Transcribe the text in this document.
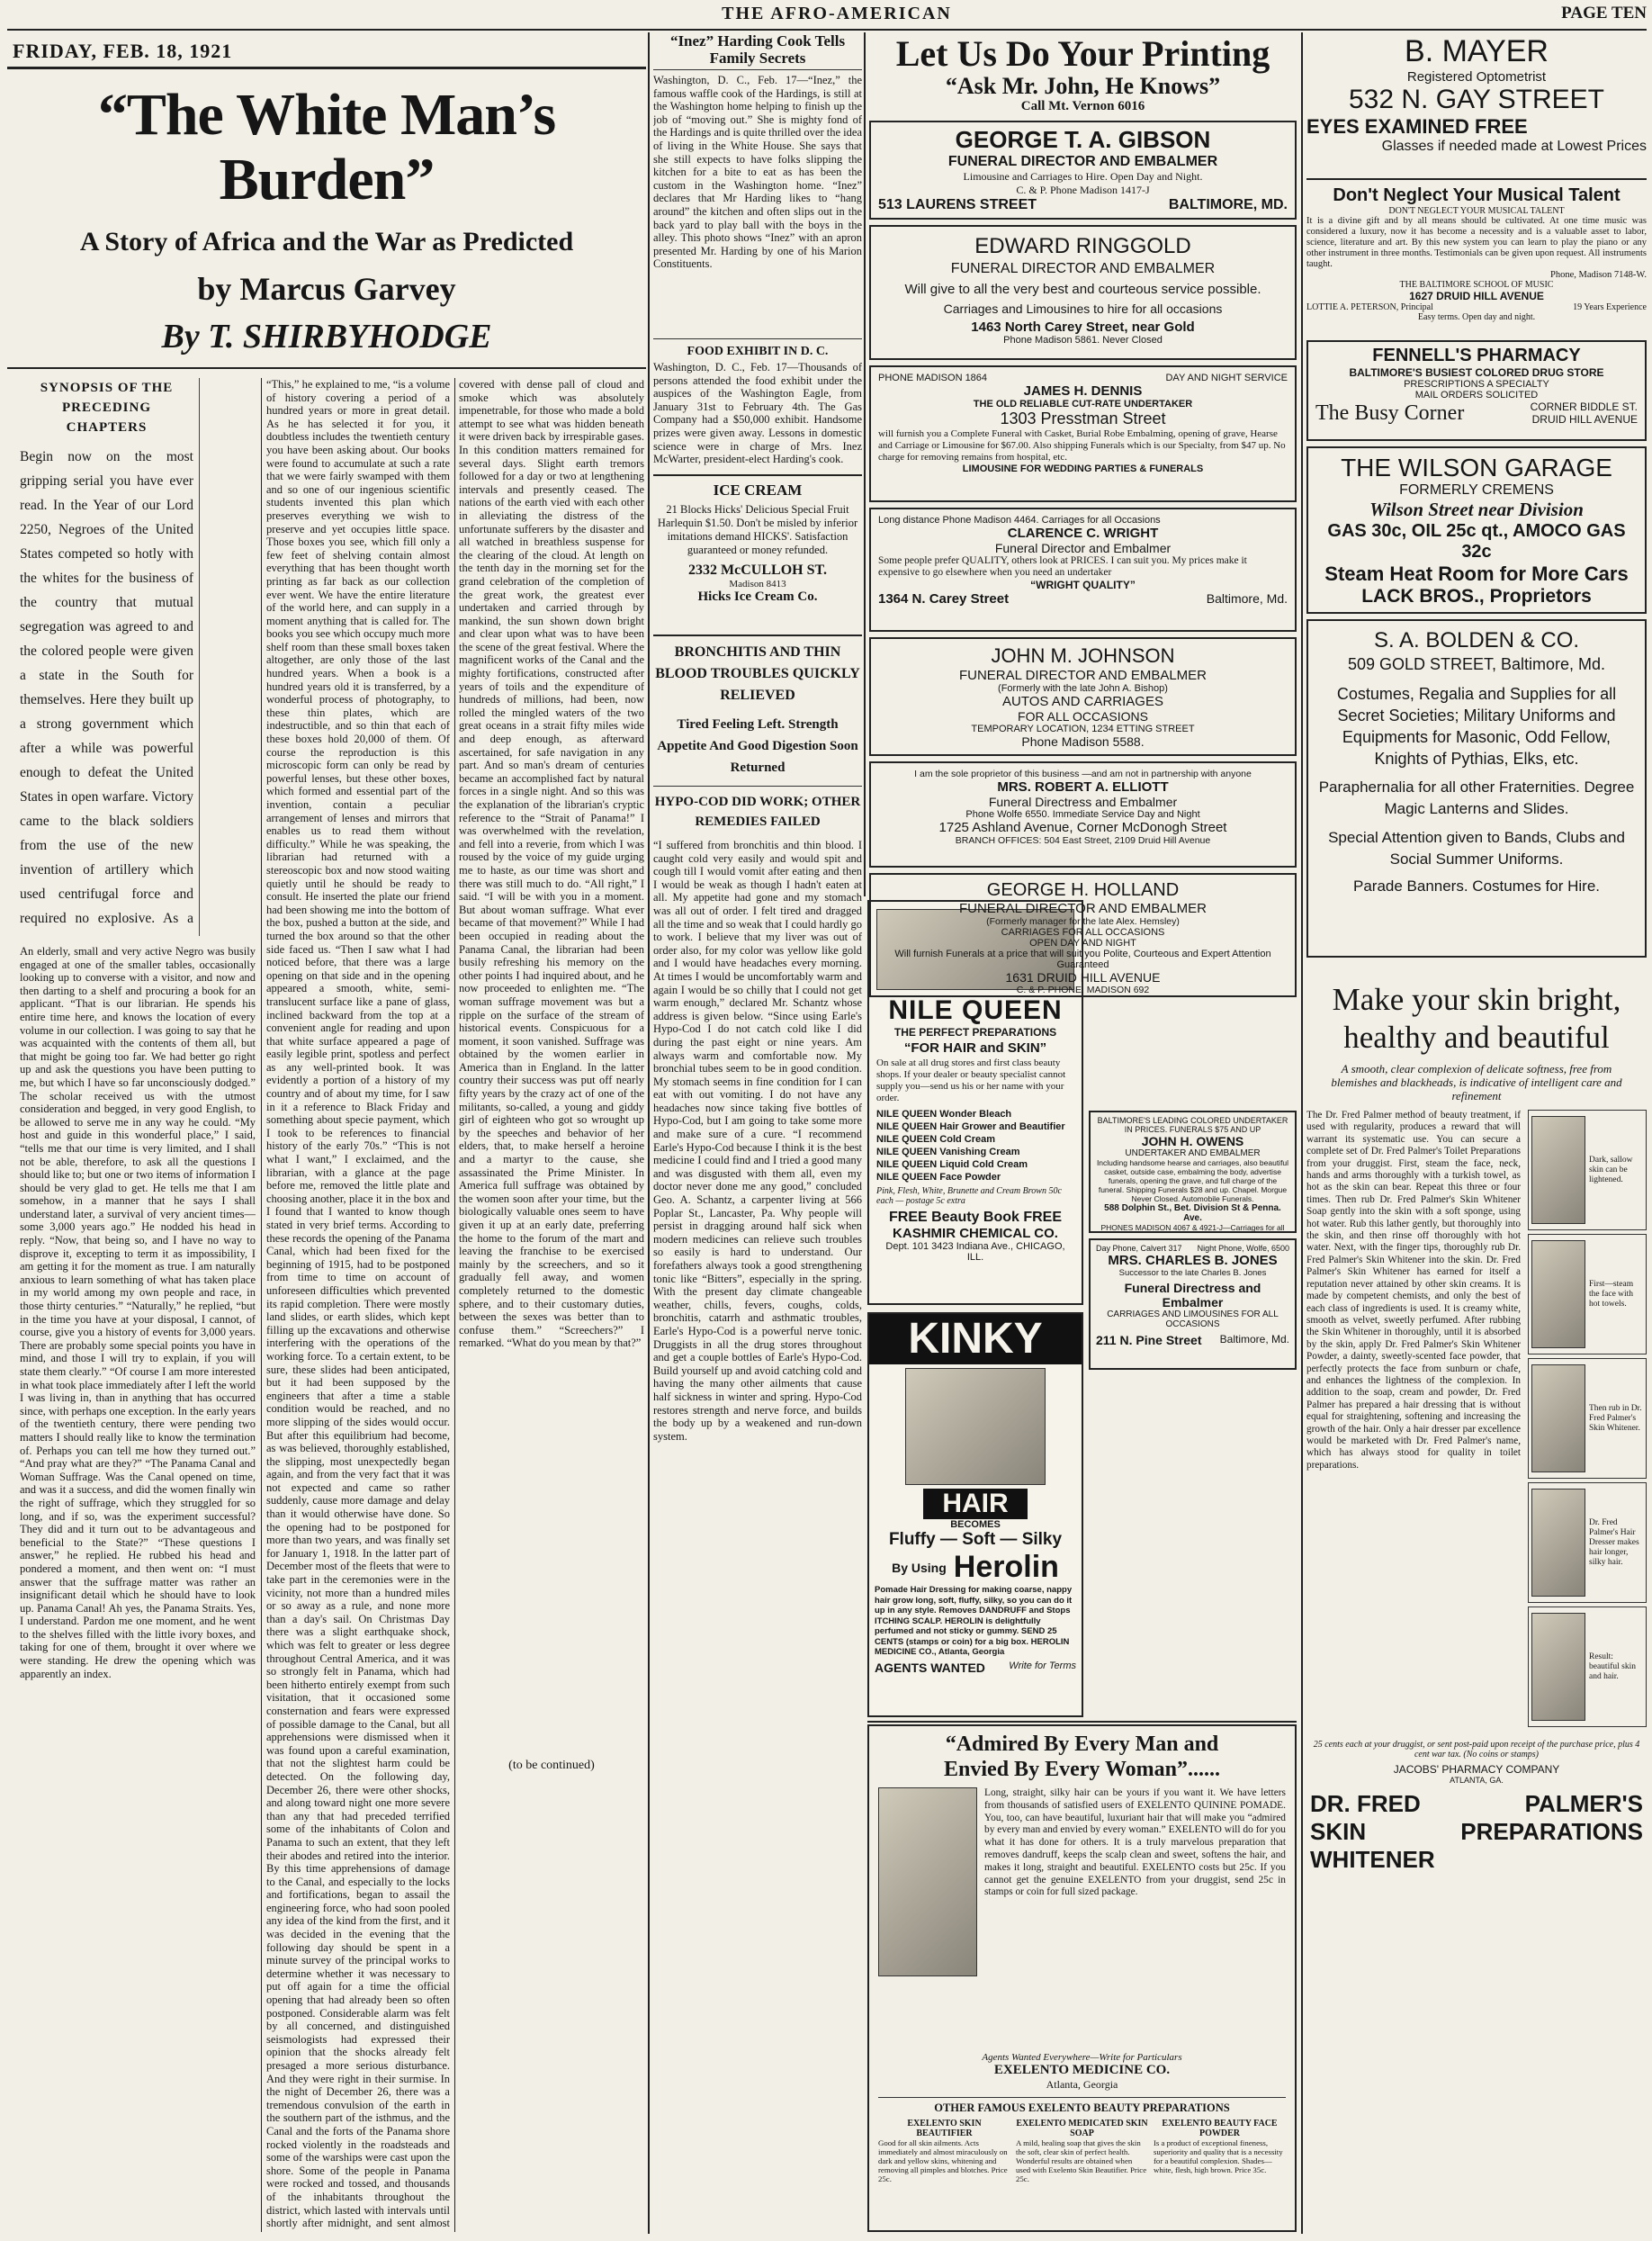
FRIDAY, FEB. 18, 1921
THE AFRO-AMERICAN	PAGE TEN
“The White Man’s Burden”
A Story of Africa and the War as Predicted
by Marcus Garvey
By T. SHIRBYHODGE
SYNOPSIS OF THE PRECEDING CHAPTERS
Begin now on the most gripping serial you have ever read. In the Year of our Lord 2250, Negroes of the United States competed so hotly with the whites for the business of the country that mutual segregation was agreed to and the colored people were given a state in the South for themselves. Here they built up a strong government which after a while was powerful enough to defeat the United States in open warfare. Victory came to the black soldiers from the use of the new invention of artillery which used centrifugal force and required no explosive. As a
An elderly, small and very active Negro was busily engaged at one of the smaller tables, occasionally looking up to converse with a visitor, and now and then darting to a shelf and procuring a book for an applicant. “That is our librarian. He spends his entire time here, and knows the location of every volume in our collection. I was going to say that he was acquainted with the contents of them all, but that might be going too far. We had better go right up and ask the questions you have been putting to me, but which I have so far unconsciously dodged.” The scholar received us with the utmost consideration and begged, in very good English, to be allowed to serve me in any way he could. “My host and guide in this wonderful place,” I said, “tells me that our time is very limited, and I shall not be able, therefore, to ask all the questions I should like to; but one or two items of information I should be very glad to get. He tells me that I am somehow, in a manner that he says I shall understand later, a survival of very ancient times—some 3,000 years ago.” He nodded his head in reply. “Now, that being so, and I have no way to disprove it, excepting to term it as impossibility, I am getting it for the moment as true. I am naturally anxious to learn something of what has taken place in my world among my own people and race, in those thirty centuries.” “Naturally,” he replied, “but in the time you have at your disposal, I cannot, of course, give you a history of events for 3,000 years. There are probably some special points you have in mind, and those I will try to explain, if you will state them clearly.” “Of course I am more interested in what took place immediately after I left the world I was living in, than in anything that has occurred since, with perhaps one exception. In the early years of the twentieth century, there were pending two matters I should really like to know the termination of. Perhaps you can tell me how they turned out.” “And pray what are they?” “The Panama Canal and Woman Suffrage. Was the Canal opened on time, and was it a success, and did the women finally win the right of suffrage, which they struggled for so long, and if so, was the experiment successful? They did and it turn out to be advantageous and beneficial to the State?” “These questions I answer,” he replied. He rubbed his head and pondered a moment, and then went on: “I must answer that the suffrage matter was rather an insignificant detail which he should have to look up. Panama Canal! Ah yes, the Panama Straits. Yes, I understand. Pardon me one moment, and he went to the shelves filled with the little ivory boxes, and taking for one of them, brought it over where we were standing. He drew the opening which was apparently an index.
“This,” he explained to me, “is a volume of history covering a period of a hundred years or more in great detail. As he has selected it for you, it doubtless includes the twentieth century you have been asking about. Our books were found to accumulate at such a rate that we were fairly swamped with them and so one of our ingenious scientific students invented this plan which preserves everything we wish to preserve and yet occupies little space. Those boxes you see, which fill only a few feet of shelving contain almost everything that has been thought worth printing as far back as our collection ever went. We have the entire literature of the world here, and can supply in a moment anything that is called for. The books you see which occupy much more shelf room than these small boxes taken altogether, are only those of the last hundred years. When a book is a hundred years old it is transferred, by a wonderful process of photography, to these thin plates, which are indestructible, and so thin that each of these boxes hold 20,000 of them. Of course the reproduction is this microscopic form can only be read by powerful lenses, but these other boxes, which formed and essential part of the invention, contain a peculiar arrangement of lenses and mirrors that enables us to read them without difficulty.” While he was speaking, the librarian had returned with a stereoscopic box and now stood waiting quietly until he should be ready to consult. He inserted the plate our friend had been showing me into the bottom of the box, pushed a button at the side, and turned the box around so that the other side faced us. “Then I saw what I had noticed before, that there was a large opening on that side and in the opening appeared a smooth, white, semi-translucent surface like a pane of glass, inclined backward from the top at a convenient angle for reading and upon that white surface appeared a page of easily legible print, spotless and perfect as any well-printed book. It was evidently a portion of a history of my country and of about my time, for I saw in it a reference to Black Friday and something about specie payment, which I took to be references to financial history of the early 70s.” “This is not what I want,” I exclaimed, and the librarian, with a glance at the page before me, removed the little plate and choosing another, place it in the box and I found that I wanted to know though stated in very brief terms. According to these records the opening of the Panama Canal, which had been fixed for the beginning of 1915, had to be postponed from time to time on account of unforeseen difficulties which prevented its rapid completion. There were mostly land slides, or earth slides, which kept filling up the excavations and otherwise interfering with the operations of the working force. To a certain extent, to be sure, these slides had been anticipated, but it had been supposed by the engineers that after a time a stable condition would be reached, and no more slipping of the sides would occur. But after this equilibrium had become, as was believed, thoroughly established, the slipping, most unexpectedly began again, and from the very fact that it was not expected and came so rather suddenly, cause more damage and delay than it would otherwise have done. So the opening had to be postponed for more than two years, and was finally set for January 1, 1918. In the latter part of December most of the fleets that were to take part in the ceremonies were in the vicinity, not more than a hundred miles or so away as a rule, and none more than a day's sail. On Christmas Day there was a slight earthquake shock, which was felt to greater or less degree throughout Central America, and it was so strongly felt in Panama, which had been hitherto entirely exempt from such visitation, that it occasioned some consternation and fears were expressed of possible damage to the Canal, but all apprehensions were dismissed when it was found upon a careful examination, that not the slightest harm could be detected. On the following day, December 26, there were other shocks, and along toward night one more severe than any that had preceded terrified some of the inhabitants of Colon and Panama to such an extent, that they left their abodes and retired into the interior. By this time apprehensions of damage to the Canal, and especially to the locks and fortifications, began to assail the engineering force, who had soon pooled any idea of the kind from the first, and it was decided in the evening that the following day should be spent in a minute survey of the principal works to determine whether it was necessary to put off again for a time the official opening that had already been so often postponed. Considerable alarm was felt by all concerned, and distinguished seismologists had expressed their opinion that the shocks already felt presaged a more serious disturbance. And they were right in their surmise. In the night of December 26, there was a tremendous convulsion of the earth in the southern part of the isthmus, and the Canal and the forts of the Panama shore rocked violently in the roadsteads and some of the warships were cast upon the shore. Some of the people in Panama were rocked and tossed, and thousands of the inhabitants throughout the district, which lasted with intervals until shortly after midnight, and sent almost
covered with dense pall of cloud and smoke which was absolutely impenetrable, for those who made a bold attempt to see what was hidden beneath it were driven back by irrespirable gases. In this condition matters remained for several days. Slight earth tremors followed for a day or two at lengthening intervals and presently ceased. The nations of the earth vied with each other in alleviating the distress of the unfortunate sufferers by the disaster and all watched in breathless suspense for the clearing of the cloud. At length on the tenth day in the morning set for the grand celebration of the completion of the great work, the greatest ever undertaken and carried through by mankind, the sun shown down bright and clear upon what was to have been the scene of the great festival. Where the magnificent works of the Canal and the mighty fortifications, constructed after years of toils and the expenditure of hundreds of millions, had been, now rolled the mingled waters of the two great oceans in a strait fifty miles wide and deep enough, as afterward ascertained, for safe navigation in any part. And so man's dream of centuries became an accomplished fact by natural forces in a single night. And so this was the explanation of the librarian's cryptic reference to the “Strait of Panama!” I was overwhelmed with the revelation, and fell into a reverie, from which I was roused by the voice of my guide urging me to haste, as our time was short and there was still much to do. “All right,” I said. “I will be with you in a moment. But about woman suffrage. What ever became of that movement?” While I had been occupied in reading about the Panama Canal, the librarian had been busily refreshing his memory on the other points I had inquired about, and he now proceeded to enlighten me. “The woman suffrage movement was but a ripple on the surface of the stream of historical events. Conspicuous for a moment, it soon vanished. Suffrage was obtained by the women earlier in America than in England. In the latter country their success was put off nearly fifty years by the crazy act of one of the militants, so-called, a young and giddy girl of eighteen who got so wrought up by the speeches and behavior of her elders, that, to make herself a heroine and a martyr to the cause, she assassinated the Prime Minister. In America full suffrage was obtained by the women soon after your time, but the biologically valuable ones seem to have given it up at an early date, preferring the home to the forum of the mart and leaving the franchise to be exercised mainly by the screechers, and so it gradually fell away, and women completely returned to the domestic sphere, and to their customary duties, between the sexes was better than to confuse them.” “Screechers?” I remarked. “What do you mean by that?”
(to be continued)
“Inez” Harding Cook Tells Family Secrets
Washington, D. C., Feb. 17—“Inez,” the famous waffle cook of the Hardings, is still at the Washington home helping to finish up the job of “moving out.” She is mighty fond of the Hardings and is quite thrilled over the idea of living in the White House. She says that she still expects to have folks slipping the kitchen for a bite to eat as has been the custom in the Washington home. “Inez” declares that Mr Harding likes to “hang around” the kitchen and often slips out in the back yard to play ball with the boys in the alley. This photo shows “Inez” with an apron presented Mr. Harding by one of his Marion Constituents.
FOOD EXHIBIT IN D. C.
Washington, D. C., Feb. 17—Thousands of persons attended the food exhibit under the auspices of the Washington Eagle, from January 31st to February 4th. The Gas Company had a $50,000 exhibit. Handsome prizes were given away. Lessons in domestic science were in charge of Mrs. Inez McWarter, president-elect Harding's cook.
ICE CREAM
21 Blocks Hicks' Delicious Special Fruit Harlequin $1.50. Don't be misled by inferior imitations demand HICKS'. Satisfaction guaranteed or money refunded.
2332 McCULLOH ST.
Madison 8413
Hicks Ice Cream Co.
BRONCHITIS AND THIN BLOOD TROUBLES QUICKLY RELIEVED
Tired Feeling Left. Strength Appetite And Good Digestion Soon Returned
HYPO-COD DID WORK; OTHER REMEDIES FAILED
“I suffered from bronchitis and thin blood. I caught cold very easily and would spit and cough till I would vomit after eating and then I would be weak as though I hadn't eaten at all. My appetite had gone and my stomach was all out of order. I felt tired and dragged all the time and so weak that I could hardly go to work. I believe that my liver was out of order also, for my color was yellow like gold and I would have headaches every morning. At times I would be uncomfortably warm and again I would be so chilly that I could not get warm enough,” declared Mr. Schantz whose address is given below. “Since using Earle's Hypo-Cod I do not catch cold like I did during the past eight or nine years. Am always warm and comfortable now. My bronchial tubes seem to be in good condition. My stomach seems in fine condition for I can eat with out vomiting. I do not have any headaches now since taking five bottles of Hypo-Cod, but I am going to take some more and make sure of a cure. “I recommend Earle's Hypo-Cod because I think it is the best medicine I could find and I tried a good many and was disgusted with them all, even my doctor never done me any good,” concluded Geo. A. Schantz, a carpenter living at 566 Poplar St., Lancaster, Pa. Why people will persist in dragging around half sick when modern medicines can relieve such troubles so easily is hard to understand. Our forefathers always took a good strengthening tonic like “Bitters”, especially in the spring. With the present day climate changeable weather, chills, fevers, coughs, colds, bronchitis, catarrh and asthmatic troubles, Earle's Hypo-Cod is a powerful nerve tonic. Druggists in all the drug stores throughout and get a couple bottles of Earle's Hypo-Cod. Build yourself up and avoid catching cold and having the many other ailments that cause half sickness in winter and spring. Hypo-Cod restores strength and nerve force, and builds the body up by a weakened and run-down system.
NILE QUEEN
THE PERFECT PREPARATIONS
“FOR HAIR and SKIN”
On sale at all drug stores and first class beauty shops. If your dealer or beauty specialist cannot supply you—send us his or her name with your order.
NILE QUEEN Wonder Bleach
NILE QUEEN Hair Grower and Beautifier
NILE QUEEN Cold Cream
NILE QUEEN Vanishing Cream
NILE QUEEN Liquid Cold Cream
NILE QUEEN Face Powder
Pink, Flesh, White, Brunette and Cream Brown 50c each — postage 5c extra
FREE Beauty Book FREE
KASHMIR CHEMICAL CO.
Dept. 101 3423 Indiana Ave., CHICAGO, ILL.
KINKY
HAIR
BECOMES
Fluffy — Soft — Silky
By Using Herolin
Pomade Hair Dressing for making coarse, nappy hair grow long, soft, fluffy, silky, so you can do it up in any style. Removes DANDRUFF and Stops ITCHING SCALP. HEROLIN is delightfully perfumed and not sticky or gummy. SEND 25 CENTS (stamps or coin) for a big box. HEROLIN MEDICINE CO., Atlanta, Georgia
AGENTS WANTED Write for Terms
Let Us Do Your Printing
“Ask Mr. John, He Knows”
Call Mt. Vernon 6016
GEORGE T. A. GIBSON
FUNERAL DIRECTOR AND EMBALMER
Limousine and Carriages to Hire. Open Day and Night.
C. & P. Phone Madison 1417-J
513 LAURENS STREET	BALTIMORE, MD.
EDWARD RINGGOLD
FUNERAL DIRECTOR AND EMBALMER
Will give to all the very best and courteous service possible.
Carriages and Limousines to hire for all occasions
1463 North Carey Street, near Gold
Phone Madison 5861. Never Closed
PHONE MADISON 1864	DAY AND NIGHT SERVICE
JAMES H. DENNIS
THE OLD RELIABLE CUT-RATE UNDERTAKER
1303 Presstman Street
will furnish you a Complete Funeral with Casket, Burial Robe Embalming, opening of grave, Hearse and Carriage or Limousine for $67.00. Also shipping Funerals which is our Specialty, from $47 up. No charge for removing remains from hospital, etc.
LIMOUSINE FOR WEDDING PARTIES & FUNERALS
Long distance Phone Madison 4464. Carriages for all Occasions
CLARENCE C. WRIGHT
Funeral Director and Embalmer
Some people prefer QUALITY, others look at PRICES. I can suit you. My prices make it expensive to go elsewhere when you need an undertaker
“WRIGHT QUALITY”
1364 N. Carey Street	Baltimore, Md.
JOHN M. JOHNSON
FUNERAL DIRECTOR AND EMBALMER
(Formerly with the late John A. Bishop)
AUTOS AND CARRIAGES
FOR ALL OCCASIONS
TEMPORARY LOCATION, 1234 ETTING STREET
Phone Madison 5588.
I am the sole proprietor of this business —and am not in partnership with anyone
MRS. ROBERT A. ELLIOTT
Funeral Directress and Embalmer
Phone Wolfe 6550. Immediate Service Day and Night
1725 Ashland Avenue, Corner McDonogh Street
BRANCH OFFICES: 504 East Street, 2109 Druid Hill Avenue
GEORGE H. HOLLAND
FUNERAL DIRECTOR AND EMBALMER
(Formerly manager for the late Alex. Hemsley)
CARRIAGES FOR ALL OCCASIONS
OPEN DAY AND NIGHT
Will furnish Funerals at a price that will suit you Polite, Courteous and Expert Attention Guaranteed
1631 DRUID HILL AVENUE
C. & P. PHONE, MADISON 692
BALTIMORE'S LEADING COLORED UNDERTAKER IN PRICES. FUNERALS $75 AND UP
JOHN H. OWENS
UNDERTAKER AND EMBALMER
Including handsome hearse and carriages, also beautiful casket, outside case, embalming the body, advertise funerals, opening the grave, and full charge of the funeral. Shipping Funerals $28 and up. Chapel. Morgue Never Closed. Automobile Funerals.
588 Dolphin St., Bet. Division St & Penna. Ave.
PHONES MADISON 4067 & 4921-J—Carriages for all
Day Phone, Calvert 317 Night Phone, Wolfe, 6500
MRS. CHARLES B. JONES
Successor to the late Charles B. Jones
Funeral Directress and Embalmer
CARRIAGES AND LIMOUSINES FOR ALL OCCASIONS
211 N. Pine Street Baltimore, Md.
B. MAYER
Registered Optometrist
532 N. GAY STREET
EYES EXAMINED FREE
Glasses if needed made at Lowest Prices
Don't Neglect Your Musical Talent
DON'T NEGLECT YOUR MUSICAL TALENT
It is a divine gift and by all means should be cultivated. At one time music was considered a luxury, now it has become a necessity and is a valuable asset to labor, science, literature and art. By this new system you can learn to play the piano or any other instrument in three months. Testimonials can be given upon request. All instruments taught.
Phone, Madison 7148-W.
THE BALTIMORE SCHOOL OF MUSIC
1627 DRUID HILL AVENUE
LOTTIE A. PETERSON, Principal	19 Years Experience
Easy terms. Open day and night.
FENNELL'S PHARMACY
BALTIMORE'S BUSIEST COLORED DRUG STORE
PRESCRIPTIONS A SPECIALTY
MAIL ORDERS SOLICITED
The Busy Corner	CORNER BIDDLE ST. DRUID HILL AVENUE
THE WILSON GARAGE
FORMERLY CREMENS
Wilson Street near Division
GAS 30c, OIL 25c qt., AMOCO GAS 32c
Steam Heat Room for More Cars
LACK BROS., Proprietors
S. A. BOLDEN & CO.
509 GOLD STREET, Baltimore, Md.
Costumes, Regalia and Supplies for all Secret Societies; Military Uniforms and Equipments for Masonic, Odd Fellow, Knights of Pythias, Elks, etc.
Paraphernalia for all other Fraternities. Degree Magic Lanterns and Slides.
Special Attention given to Bands, Clubs and Social Summer Uniforms.
Parade Banners. Costumes for Hire.
Make your skin bright, healthy and beautiful
A smooth, clear complexion of delicate softness, free from blemishes and blackheads, is indicative of intelligent care and refinement
The Dr. Fred Palmer method of beauty treatment, if used with regularity, produces a reward that will warrant its systematic use. You can secure a complete set of Dr. Fred Palmer's Toilet Preparations from your druggist. First, steam the face, neck, hands and arms thoroughly with a turkish towel, as hot as the skin can bear. Repeat this three or four times. Then rub Dr. Fred Palmer's Skin Whitener Soap gently into the skin with a soft sponge, using hot water. Rub this lather gently, but thoroughly into the skin, and then rinse off thoroughly with hot water. Next, with the finger tips, thoroughly rub Dr. Fred Palmer's Skin Whitener into the skin. Dr. Fred Palmer's Skin Whitener has earned for itself a reputation never attained by other skin creams. It is made by competent chemists, and only the best of each class of ingredients is used. It is creamy white, smooth as velvet, sweetly perfumed. After rubbing the Skin Whitener in thoroughly, until it is absorbed by the skin, apply Dr. Fred Palmer's Skin Whitener Powder, a dainty, sweetly-scented face powder, that perfectly protects the face from sunburn or chafe, and enhances the lightness of the complexion. In addition to the soap, cream and powder, Dr. Fred Palmer has prepared a hair dressing that is without equal for straightening, softening and increasing the growth of the hair. Only a hair dresser par excellence would be marketed with Dr. Fred Palmer's name, which has always stood for quality in toilet preparations.
Dark, sallow skin can be lightened.
First—steam the face with hot towels.
Then rub in Dr. Fred Palmer's Skin Whitener.
Dr. Fred Palmer's Hair Dresser makes hair longer, silky hair.
Result: beautiful skin and hair.
25 cents each at your druggist, or sent post-paid upon receipt of the purchase price, plus 4 cent war tax. (No coins or stamps)
JACOBS' PHARMACY COMPANY
ATLANTA, GA.
DR. FRED	PALMER'S
SKIN WHITENER
PREPARATIONS
“Admired By Every Man and
Envied By Every Woman”......
Long, straight, silky hair can be yours if you want it. We have letters from thousands of satisfied users of EXELENTO QUININE POMADE. You, too, can have beautiful, luxuriant hair that will make you “admired by every man and envied by every woman.” EXELENTO will do for you what it has done for others. It is a truly marvelous preparation that removes dandruff, keeps the scalp clean and sweet, softens the hair, and makes it long, straight and beautiful. EXELENTO costs but 25c. If you cannot get the genuine EXELENTO from your druggist, send 25c in stamps or coin for full sized package.
Agents Wanted Everywhere—Write for Particulars
EXELENTO MEDICINE CO.
Atlanta, Georgia
OTHER FAMOUS EXELENTO BEAUTY PREPARATIONS
EXELENTO SKIN BEAUTIFIER
Good for all skin ailments. Acts immediately and almost miraculously on dark and yellow skins, whitening and removing all pimples and blotches. Price 25c.
EXELENTO MEDICATED SKIN SOAP
A mild, healing soap that gives the skin the soft, clear skin of perfect health. Wonderful results are obtained when used with Exelento Skin Beautifier. Price 25c.
EXELENTO BEAUTY FACE POWDER
Is a product of exceptional fineness, superiority and quality that is a necessity for a beautiful complexion. Shades—white, flesh, high brown. Price 35c.
